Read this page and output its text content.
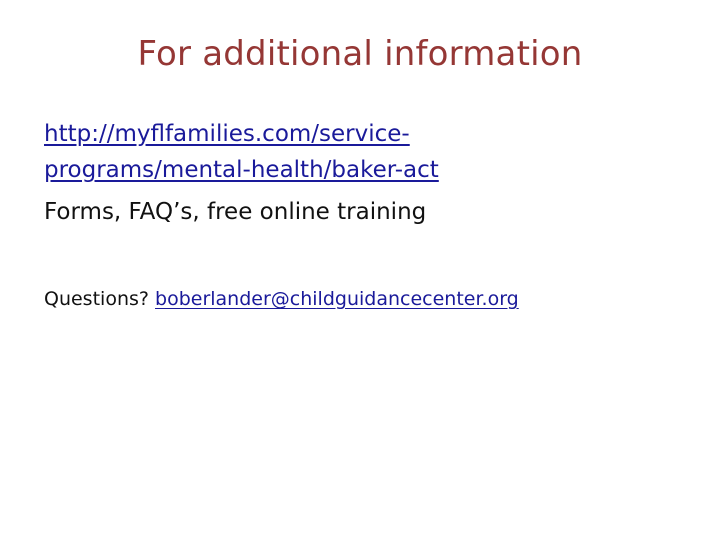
For additional information
http://myflfamilies.com/service-
programs/mental-health/baker-act
Forms, FAQ’s, free online training
Questions? boberlander@childguidancecenter.org
